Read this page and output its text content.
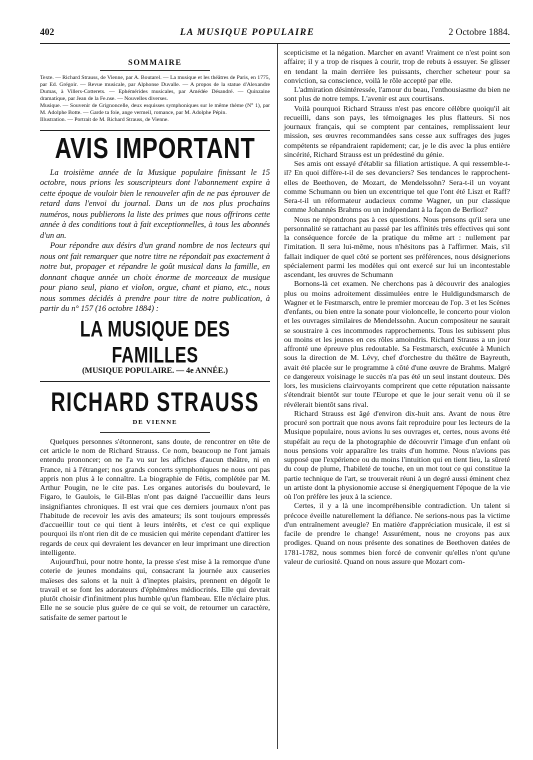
402	LA MUSIQUE POPULAIRE	2 Octobre 1884.
SOMMAIRE

Texte. — Richard Strauss, de Vienne, par A. Boutarel. — La musique et les théâtres de Paris, en 1775, par Ed. Grégoir. — Revue musicale, par Alphonse Duvalle. — A propos de la statue d'Alexandre Dumas, à Villers-Cotterets. — Ephémérides musicales, par Amédée Désandré. — Quinzaine dramatique, par Jean de la Fe.nse. — Nouvelles diverses.

Musique. — Souvenir de Grignoncelle, deux esquisses symphoniques sur le même thème (N° 1), par M. Adolphe Botte. — Garde ta foie, ange vermeil, romance, par M. Adolphe Pépin.

Illustration. — Portrait de M. Richard Strauss, de Vienne.

AVIS IMPORTANT

La troisième année de la Musique populaire finissant le 15 octobre, nous prions les souscripteurs dont l'abonnement expire à cette époque de vouloir bien le renouveler afin de ne pas éprouver de retard dans l'envoi du journal. Dans un de nos plus prochains numéros, nous publierons la liste des primes que nous offrirons cette année à des conditions tout à fait exceptionnelles, à tous les abonnés d'un an.

Pour répondre aux désirs d'un grand nombre de nos lecteurs qui nous ont fait remarquer que notre titre ne répondait pas exactement à notre but, propager et répandre le goût musical dans la famille, en donnant chaque année un choix énorme de morceaux de musique pour piano seul, piano et violon, orgue, chant et piano, etc., nous nous sommes décidés à prendre pour titre de notre publication, à partir du n° 157 (16 octobre 1884) :

LA MUSIQUE DES FAMILLES
(MUSIQUE POPULAIRE. — 4e ANNÉE.)
RICHARD STRAUSS
DE VIENNE

Quelques personnes s'étonneront, sans doute, de rencontrer en tête de cet article le nom de Richard Strauss. Ce nom, beaucoup ne l'ont jamais entendu prononcer; on ne l'a vu sur les affiches d'aucun théâtre, ni en France, ni à l'étranger; nos grands concerts symphoniques ne nous ont pas appris non plus à le connaître. La biographie de Fétis, complétée par M. Arthur Pougin, ne le cite pas. Les organes autorisés du boulevard, le Figaro, le Gaulois, le Gil-Blas n'ont pas daigné l'accueillir dans leurs insignifiantes chroniques. Il est vrai que ces derniers journaux n'ont pas l'habitude de recevoir les avis des amateurs; ils sont toujours empressés d'accueillir tout ce qui tient à leurs intérêts, et c'est ce qui explique pourquoi ils n'ont rien dit de ce musicien qui mérite cependant d'attirer les regards de ceux qui devraient les devancer en leur imprimant une direction intelligente.

Aujourd'hui, pour notre honte, la presse s'est mise à la remorque d'une coterie de jeunes mondains qui, consacrant la journée aux causeries maïeses des salons et la nuit à d'ineptes plaisirs, prennent en dégoût le travail et se font les adorateurs d'éphémères médiocrités. Elle qui devrait plutôt choisir d'infinitment plus humble qu'un flambeau. Elle n'éclaire plus. Elle ne se soucie plus guère de ce qui se voit, de retourner un caractère, satisfaite de semer partout le

scepticisme et la négation. Marcher en avant! Vraiment ce n'est point son affaire; il y a trop de risques à courir, trop de rebuts à essuyer. Se glisser en tendant la main derrière les puissants, chercher scheteur pour sa conviction, sa conscience, voilà le rôle accepté par elle.

L'admiration désintéressée, l'amour du beau, l'enthousiasme du bien ne sont plus de notre temps. L'avenir est aux courtisans.

Voilà pourquoi Richard Strauss n'est pas encore célèbre quoiqu'il ait recueilli, dans son pays, les témoignages les plus flatteurs. Si nos journaux français, qui se comptent par centaines, remplissaient leur mission, ses œuvres recommandées sans cesse aux suffrages des juges compétents se répandraient rapidement; car, je le dis avec la plus entière sincérité, Richard Strauss est un prédestiné du génie.

Ses amis ont essayé d'établir sa filiation artistique. A qui ressemble-t-il? En quoi diffère-t-il de ses devanciers? Ses tendances le rapprochent-elles de Beethoven, de Mozart, de Mendelssohn? Sera-t-il un voyant comme Schumann ou bien un excentrique tel que l'ont été Liszt et Raff? Sera-t-il un réformateur audacieux comme Wagner, un pur classique comme Johannès Brahms ou un indépendant à la façon de Berlioz?

Nous ne répondrons pas à ces questions. Nous pensons qu'il sera une personnalité se rattachant au passé par les affinités très effectives qui sont la conséquence forcée de la pratique du même art : nullement par l'imitation. Il sera lui-même, nous n'hésitons pas à l'affirmer. Mais, s'il fallait indiquer de quel côté se portent ses préférences, nous désignerions spécialement parmi les modèles qui ont exercé sur lui un incontestable ascendant, les œuvres de Schumann

Bornons-là cet examen. Ne cherchons pas à découvrir des analogies plus ou moins adroitement dissimulées entre le Huldigundsmarsch de Wagner et le Festmarsch, entre le premier morceau de l'op. 3 et les Scènes d'enfants, ou bien entre la sonate pour violoncelle, le concerto pour violon et les ouvrages similaires de Mendelssohn. Aucun compositeur ne saurait se soustraire à ces incommodes rapprochements. Tous les subissent plus ou moins et les jeunes en ces rôles amoindris. Richard Strauss a un jour affronté une épreuve plus redoutable. Sa Festmarsch, exécutée à Munich sous la direction de M. Lévy, chef d'orchestre du théâtre de Bayreuth, avait été placée sur le programme à côté d'une œuvre de Brahms. Malgré ce dangereux voisinage le succès n'a pas été un seul instant douteux. Dès lors, les musiciens clairvoyants comprirent que cette réputation naissante s'étendrait bientôt sur toute l'Europe et que le jour serait venu où il se révélerait bientôt sans rival.

Richard Strauss est âgé d'environ dix-huit ans. Avant de nous être procuré son portrait que nous avons fait reproduire pour les lecteurs de la Musique populaire, nous avions lu ses ouvrages et, certes, nous avons été stupéfait au reçu de la photographie de découvrir l'image d'un enfant où nous pensions voir apparaître les traits d'un homme. Nous n'avions pas supposé que l'expérience ou du moins l'intuition qui en tient lieu, la sûreté du coup de plume, l'habileté de touche, en un mot tout ce qui constitue la partie technique de l'art, se trouverait réuni à un degré aussi éminent chez un artiste dont la physionomie accuse si énergiquement l'époque de la vie où l'on préfère les jeux à la science.

Certes, il y a là une incompréhensible contradiction. Un talent si précoce éveille naturellement la défiance. Ne serions-nous pas la victime d'un entraînement aveugle? En matière d'appréciation musicale, il est si facile de prendre le change! Assurément, nous ne croyons pas aux prodiges. Quand on nous présente des sonatines de Beethoven datées de 1781-1782, nous sommes bien forcé de convenir qu'elles n'ont qu'une valeur de curiosité. Quand on nous assure que Mozart com-
